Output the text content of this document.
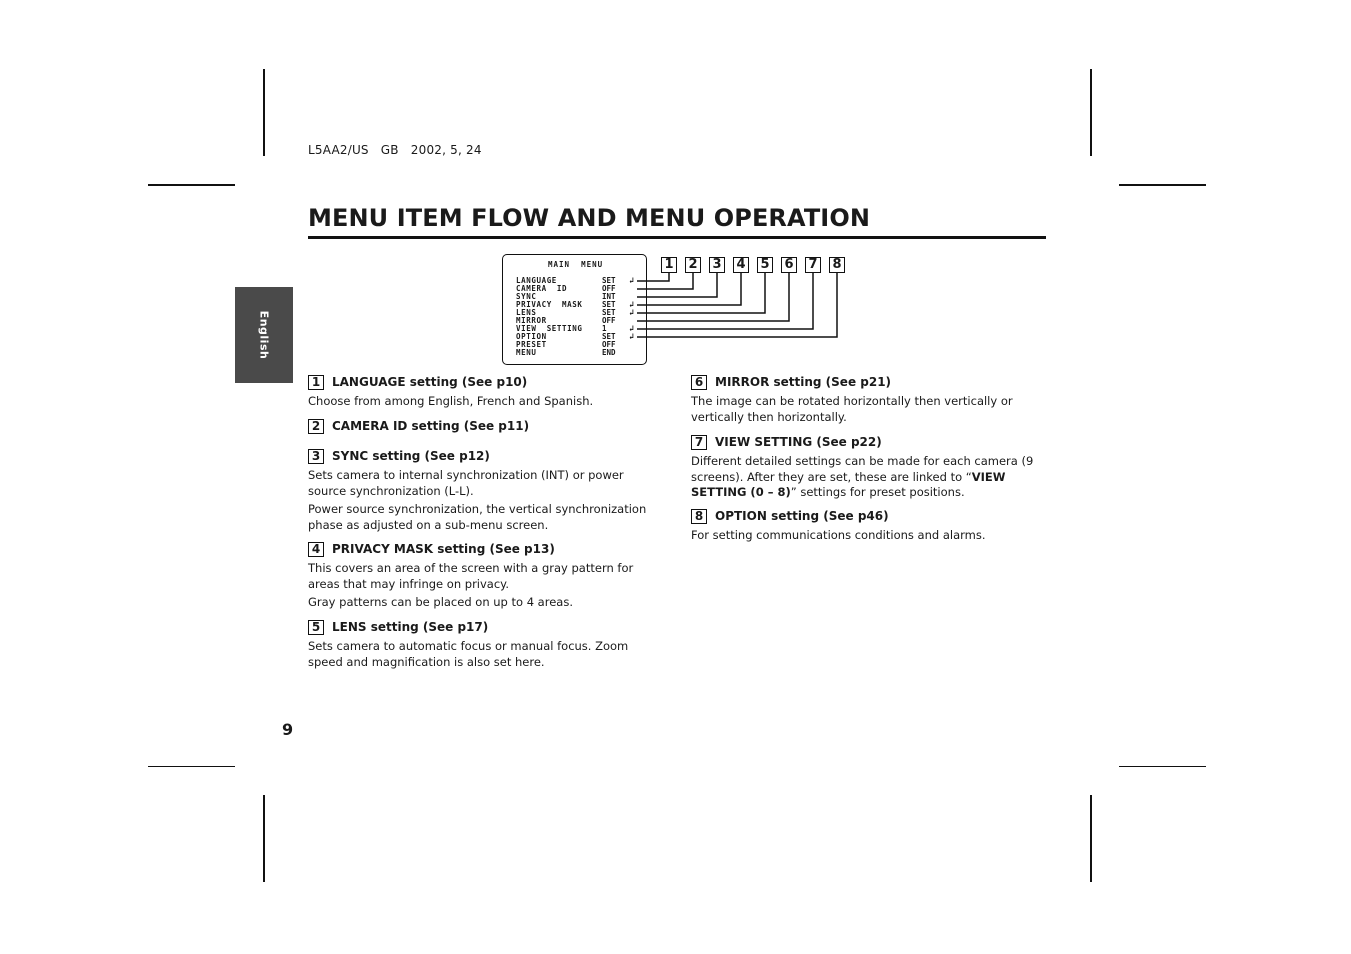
L5AA2/US   GB   2002, 5, 24
MENU ITEM FLOW AND MENU OPERATION
English
9
MAIN  MENU
LANGUAGE	SET ↲
CAMERA  ID	OFF
SYNC	INT
PRIVACY  MASK	SET ↲
LENS	SET ↲
MIRROR	OFF
VIEW  SETTING	1	↲
OPTION	SET ↲
PRESET	OFF
MENU	END
1 2 3 4 5 6 7 8
1 LANGUAGE setting (See p10)

Choose from among English, French and Spanish.

2 CAMERA ID setting (See p11)
3 SYNC setting (See p12)

Sets camera to internal synchronization (INT) or power source synchronization (L-L).

Power source synchronization, the vertical synchronization phase as adjusted on a sub-menu screen.

4 PRIVACY MASK setting (See p13)

This covers an area of the screen with a gray pattern for areas that may infringe on privacy.

Gray patterns can be placed on up to 4 areas.

5 LENS setting (See p17)

Sets camera to automatic focus or manual focus. Zoom speed and magnification is also set here.

6 MIRROR setting (See p21)

The image can be rotated horizontally then vertically or vertically then horizontally.

7 VIEW SETTING (See p22)

Different detailed settings can be made for each camera (9 screens). After they are set, these are linked to “VIEW SETTING (0 – 8)” settings for preset positions.

8 OPTION setting (See p46)

For setting communications conditions and alarms.
